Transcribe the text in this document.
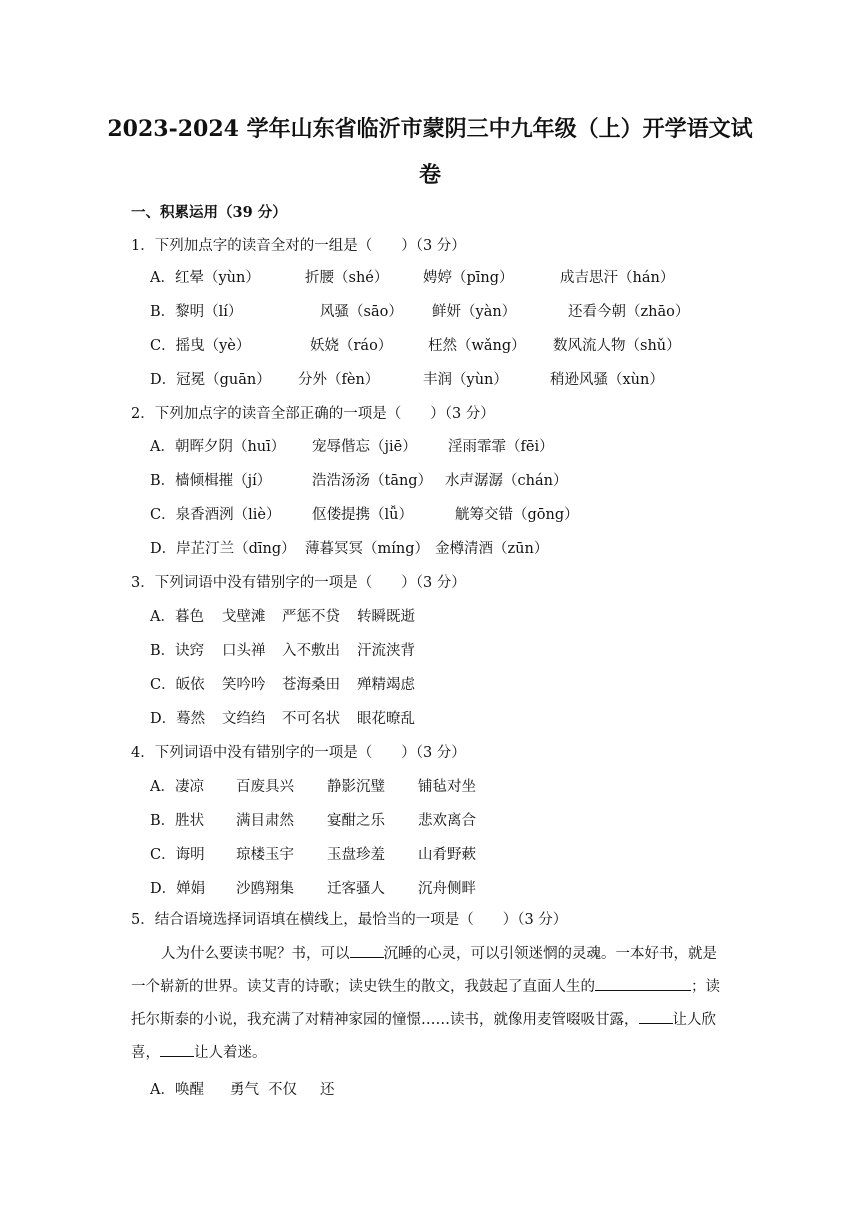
2023-2024 学年山东省临沂市蒙阴三中九年级（上）开学语文试
卷
一、积累运用（39 分）
1．下列加点字的读音全对的一组是（　　）（3 分）
A．红晕（yùn）	折腰（shé） 娉婷（pīng）	成吉思汗（hán）
B．黎明（lí）	风骚（sāo） 鲜妍（yàn）	还看今朝（zhāo）
C．摇曳（yè）	妖娆（ráo） 枉然（wǎng） 数风流人物（shǔ）
D．冠冕（guān） 分外（fèn）	丰润（yùn）	稍逊风骚（xùn）
2．下列加点字的读音全部正确的一项是（　　）（3 分）
A．朝晖夕阴（huī） 宠辱偕忘（jiē） 淫雨霏霏（fēi）
B．樯倾楫摧（jí）	浩浩汤汤（tāng） 水声潺潺（chán）
C．泉香酒洌（liè） 伛偻提携（lǚ）	觥筹交错（gōng）
D．岸芷汀兰（dīng） 薄暮冥冥（míng） 金樽清酒（zūn）
3．下列词语中没有错别字的一项是（　　）（3 分）
A．暮色 戈壁滩 严惩不贷 转瞬既逝
B．诀窍 口头禅 入不敷出 汗流浃背
C．皈依 笑吟吟 苍海桑田 殚精竭虑
D．蓦然 文绉绉 不可名状 眼花暸乱
4．下列词语中没有错别字的一项是（　　）（3 分）
A．凄凉 百废具兴 静影沉璧 铺毡对坐
B．胜状 满目肃然 宴酣之乐 悲欢离合
C．诲明 琼楼玉宇 玉盘珍羞 山肴野蔌
D．婵娟 沙鸥翔集 迁客骚人 沉舟侧畔
5．结合语境选择词语填在横线上，最恰当的一项是（　　）（3 分）
人为什么要读书呢？书，可以 沉睡的心灵，可以引领迷惘的灵魂。一本好书，就是一个崭新的世界。读艾青的诗歌；读史铁生的散文，我鼓起了直面人生的	；读托尔斯泰的小说，我充满了对精神家园的憧憬……读书，就像用麦管啜吸甘露， 让人欣喜， 让人着迷。
A．唤醒 勇气 不仅 还
